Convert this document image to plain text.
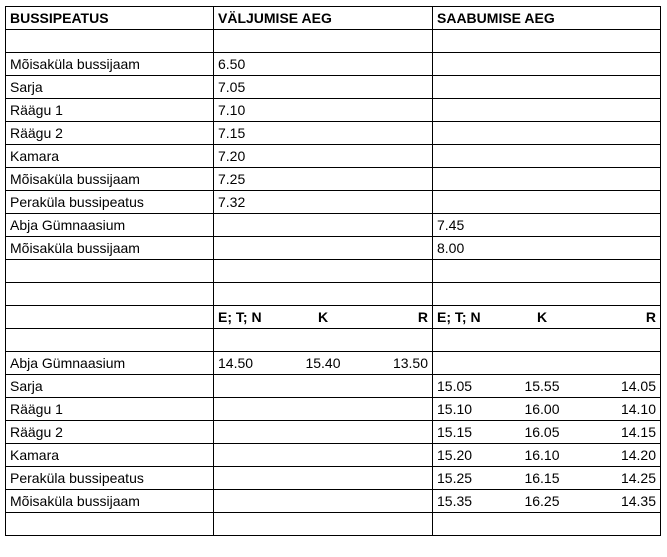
BUSSIPEATUS	VÄLJUMISE AEG	SAABUMISE AEG

Mõisaküla bussijaam	6.50	
Sarja	7.05	
Räägu 1	7.10	
Räägu 2	7.15	
Kamara	7.20	
Mõisaküla bussijaam	7.25	
Peraküla bussipeatus	7.32	
Abja Gümnaasium		7.45
Mõisaküla bussijaam		8.00

	E; T; N K R	E; T; N K R

Abja Gümnaasium	14.50 15.40 13.50	

Sarja		15.05 15.55 14.05

Räägu 1		15.10 16.00 14.10

Räägu 2		15.15 16.05 14.15

Kamara		15.20 16.10 14.20

Peraküla bussipeatus		15.25 16.15 14.25

Mõisaküla bussijaam		15.35 16.25 14.35
